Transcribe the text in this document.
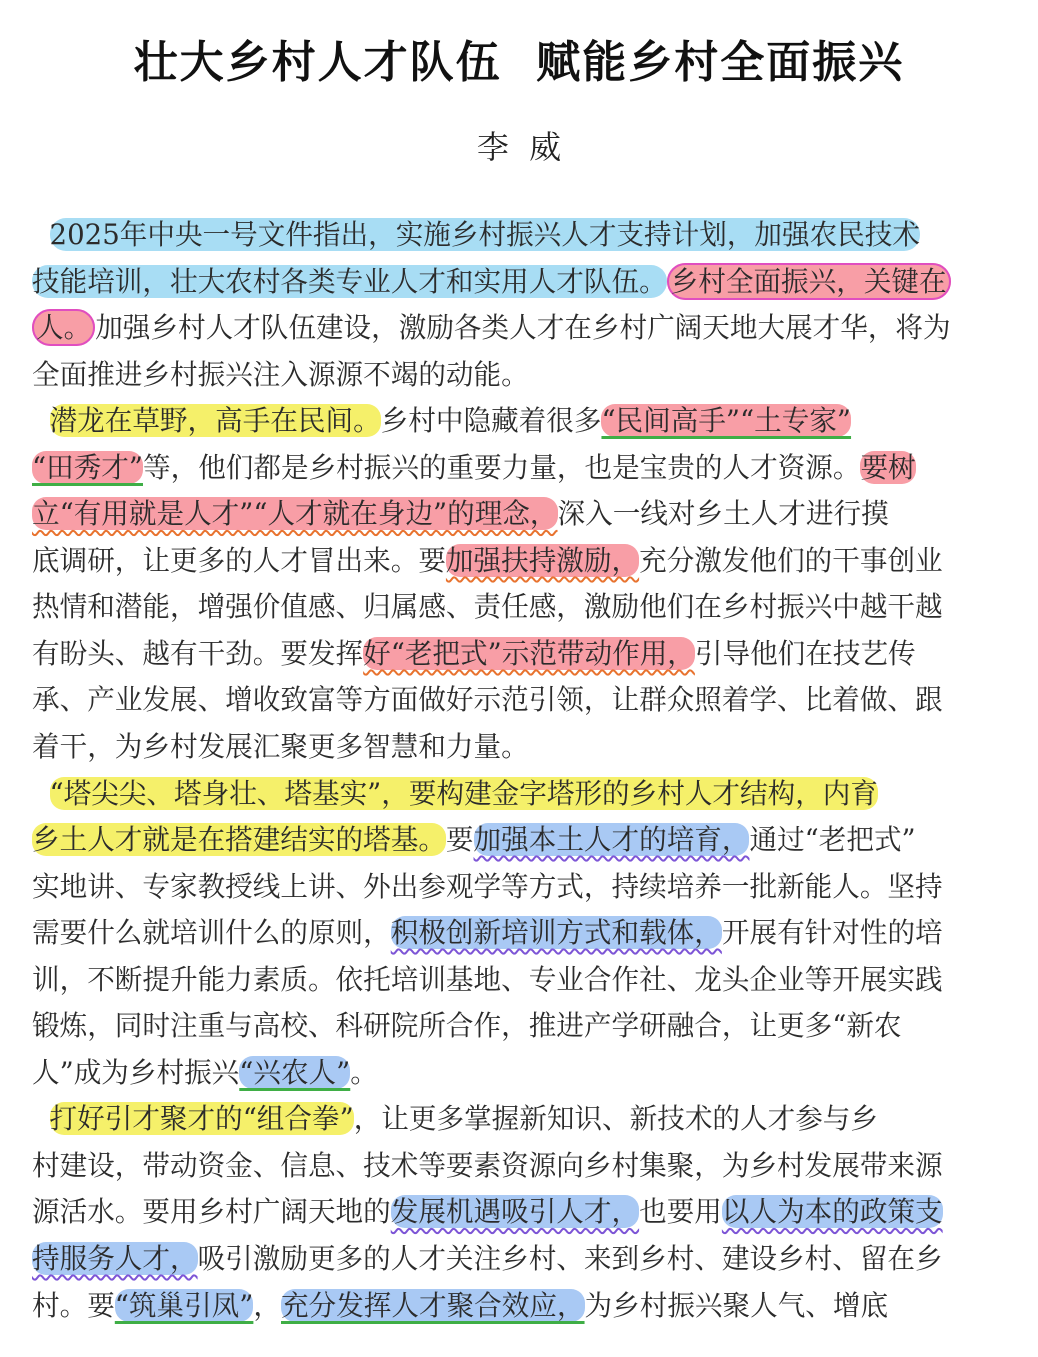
壮大乡村人才队伍  赋能乡村全面振兴
李  威
2025年中央一号文件指出，实施乡村振兴人才支持计划，加强农民技术
技能培训，壮大农村各类专业人才和实用人才队伍。 乡村全面振兴，关键在
人。 加强乡村人才队伍建设，激励各类人才在乡村广阔天地大展才华，将为
全面推进乡村振兴注入源源不竭的动能。
潜龙在草野，高手在民间。乡村中隐藏着很多“民间高手”“土专家”
“田秀才”等，他们都是乡村振兴的重要力量，也是宝贵的人才资源。要树
立“有用就是人才”“人才就在身边”的理念，深入一线对乡土人才进行摸
底调研，让更多的人才冒出来。要加强扶持激励，充分激发他们的干事创业
热情和潜能，增强价值感、归属感、责任感，激励他们在乡村振兴中越干越
有盼头、越有干劲。要发挥好“老把式”示范带动作用，引导他们在技艺传
承、产业发展、增收致富等方面做好示范引领，让群众照着学、比着做、跟
着干，为乡村发展汇聚更多智慧和力量。
“塔尖尖、塔身壮、塔基实”，要构建金字塔形的乡村人才结构，内育
乡土人才就是在搭建结实的塔基。要加强本土人才的培育，通过“老把式”
实地讲、专家教授线上讲、外出参观学等方式，持续培养一批新能人。坚持
需要什么就培训什么的原则，积极创新培训方式和载体，开展有针对性的培
训，不断提升能力素质。依托培训基地、专业合作社、龙头企业等开展实践
锻炼，同时注重与高校、科研院所合作，推进产学研融合，让更多“新农
人”成为乡村振兴“兴农人”。
打好引才聚才的“组合拳”，让更多掌握新知识、新技术的人才参与乡
村建设，带动资金、信息、技术等要素资源向乡村集聚，为乡村发展带来源
源活水。要用乡村广阔天地的发展机遇吸引人才，也要用以人为本的政策支
持服务人才，吸引激励更多的人才关注乡村、来到乡村、建设乡村、留在乡
村。要“筑巢引凤”，充分发挥人才聚合效应，为乡村振兴聚人气、增底
